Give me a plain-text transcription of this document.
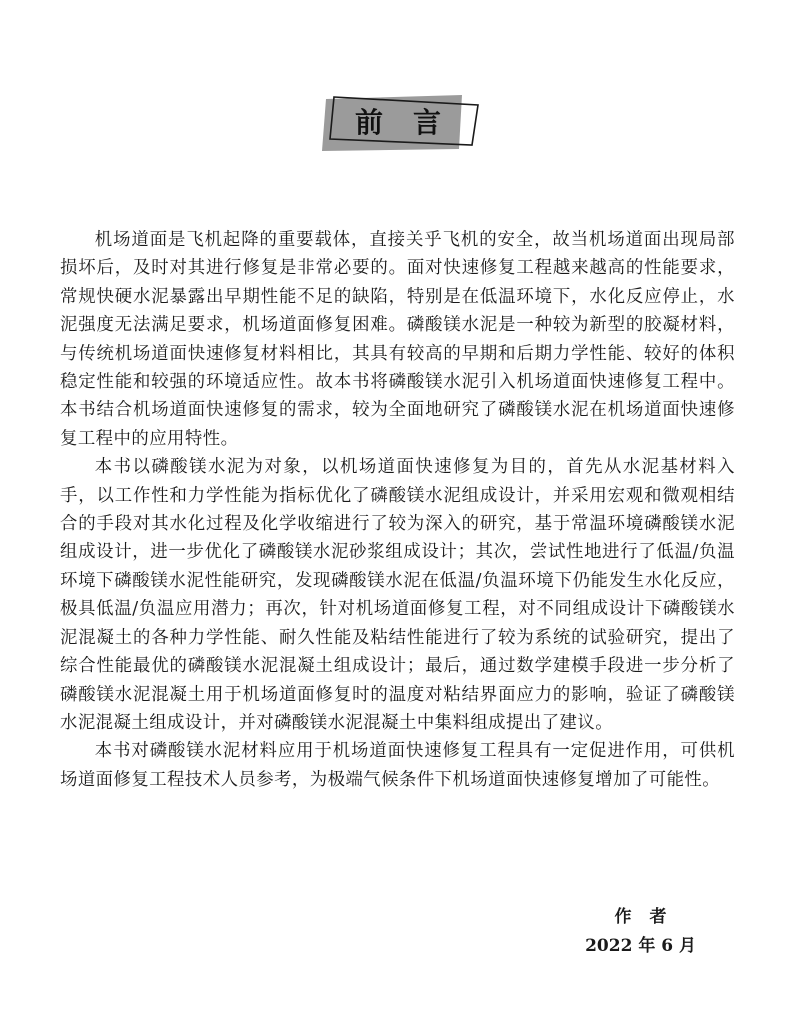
前言

机场道面是飞机起降的重要载体，直接关乎飞机的安全，故当机场道面出现局部损坏后，及时对其进行修复是非常必要的。面对快速修复工程越来越高的性能要求，常规快硬水泥暴露出早期性能不足的缺陷，特别是在低温环境下，水化反应停止，水泥强度无法满足要求，机场道面修复困难。磷酸镁水泥是一种较为新型的胶凝材料，与传统机场道面快速修复材料相比，其具有较高的早期和后期力学性能、较好的体积稳定性能和较强的环境适应性。故本书将磷酸镁水泥引入机场道面快速修复工程中。本书结合机场道面快速修复的需求，较为全面地研究了磷酸镁水泥在机场道面快速修复工程中的应用特性。

本书以磷酸镁水泥为对象，以机场道面快速修复为目的，首先从水泥基材料入手，以工作性和力学性能为指标优化了磷酸镁水泥组成设计，并采用宏观和微观相结合的手段对其水化过程及化学收缩进行了较为深入的研究，基于常温环境磷酸镁水泥组成设计，进一步优化了磷酸镁水泥砂浆组成设计；其次，尝试性地进行了低温/负温环境下磷酸镁水泥性能研究，发现磷酸镁水泥在低温/负温环境下仍能发生水化反应，极具低温/负温应用潜力；再次，针对机场道面修复工程，对不同组成设计下磷酸镁水泥混凝土的各种力学性能、耐久性能及粘结性能进行了较为系统的试验研究，提出了综合性能最优的磷酸镁水泥混凝土组成设计；最后，通过数学建模手段进一步分析了磷酸镁水泥混凝土用于机场道面修复时的温度对粘结界面应力的影响，验证了磷酸镁水泥混凝土组成设计，并对磷酸镁水泥混凝土中集料组成提出了建议。

本书对磷酸镁水泥材料应用于机场道面快速修复工程具有一定促进作用，可供机场道面修复工程技术人员参考，为极端气候条件下机场道面快速修复增加了可能性。

作者
2022 年 6 月
